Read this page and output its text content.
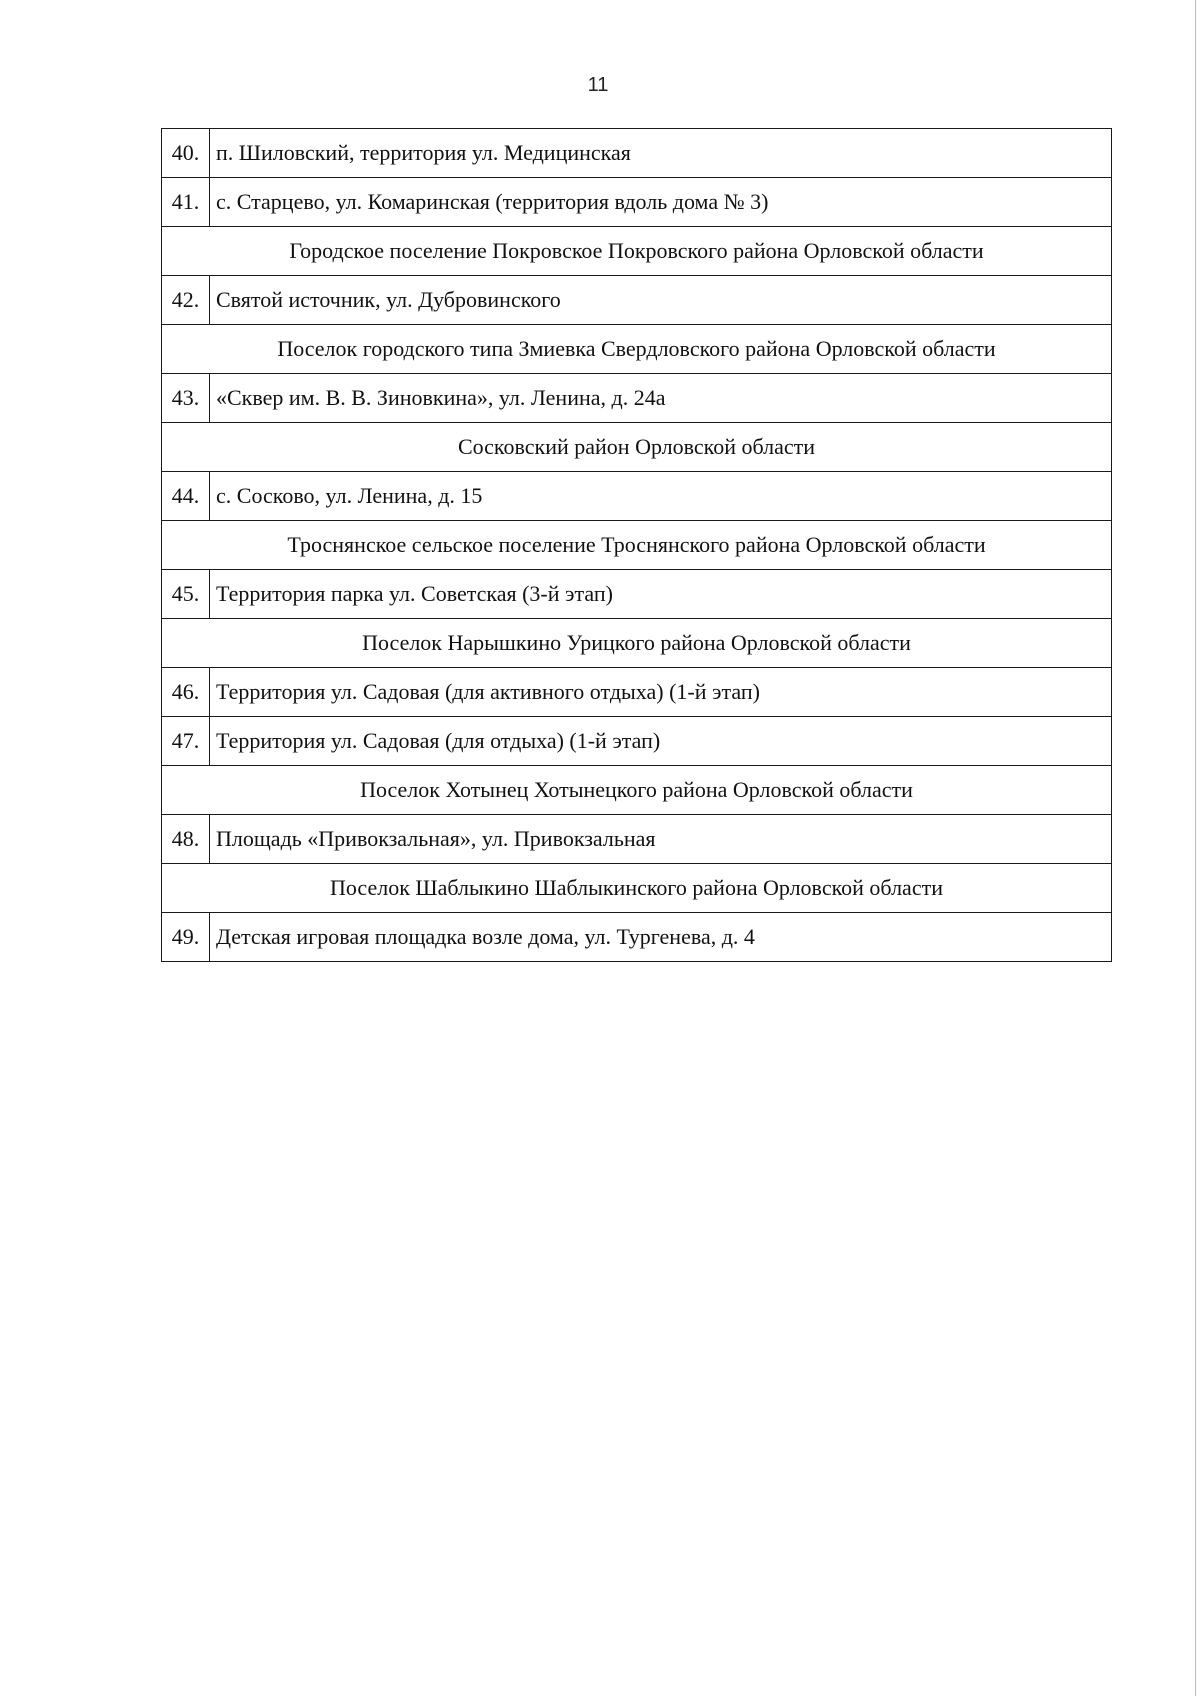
11
40.	п. Шиловский, территория ул. Медицинская
41.	с. Старцево, ул. Комаринская (территория вдоль дома № 3)
Городское поселение Покровское Покровского района Орловской области	
42.	Святой источник, ул. Дубровинского
Поселок городского типа Змиевка Свердловского района Орловской области	
43.	«Сквер им. В. В. Зиновкина», ул. Ленина, д. 24а
Сосковский район Орловской области	
44.	с. Сосково, ул. Ленина, д. 15
Троснянское сельское поселение Троснянского района Орловской области	
45.	Территория парка ул. Советская (3-й этап)
Поселок Нарышкино Урицкого района Орловской области	
46.	Территория ул. Садовая (для активного отдыха) (1-й этап)
47.	Территория ул. Садовая (для отдыха) (1-й этап)
Поселок Хотынец Хотынецкого района Орловской области	
48.	Площадь «Привокзальная», ул. Привокзальная
Поселок Шаблыкино Шаблыкинского района Орловской области	
49.	Детская игровая площадка возле дома, ул. Тургенева, д. 4
